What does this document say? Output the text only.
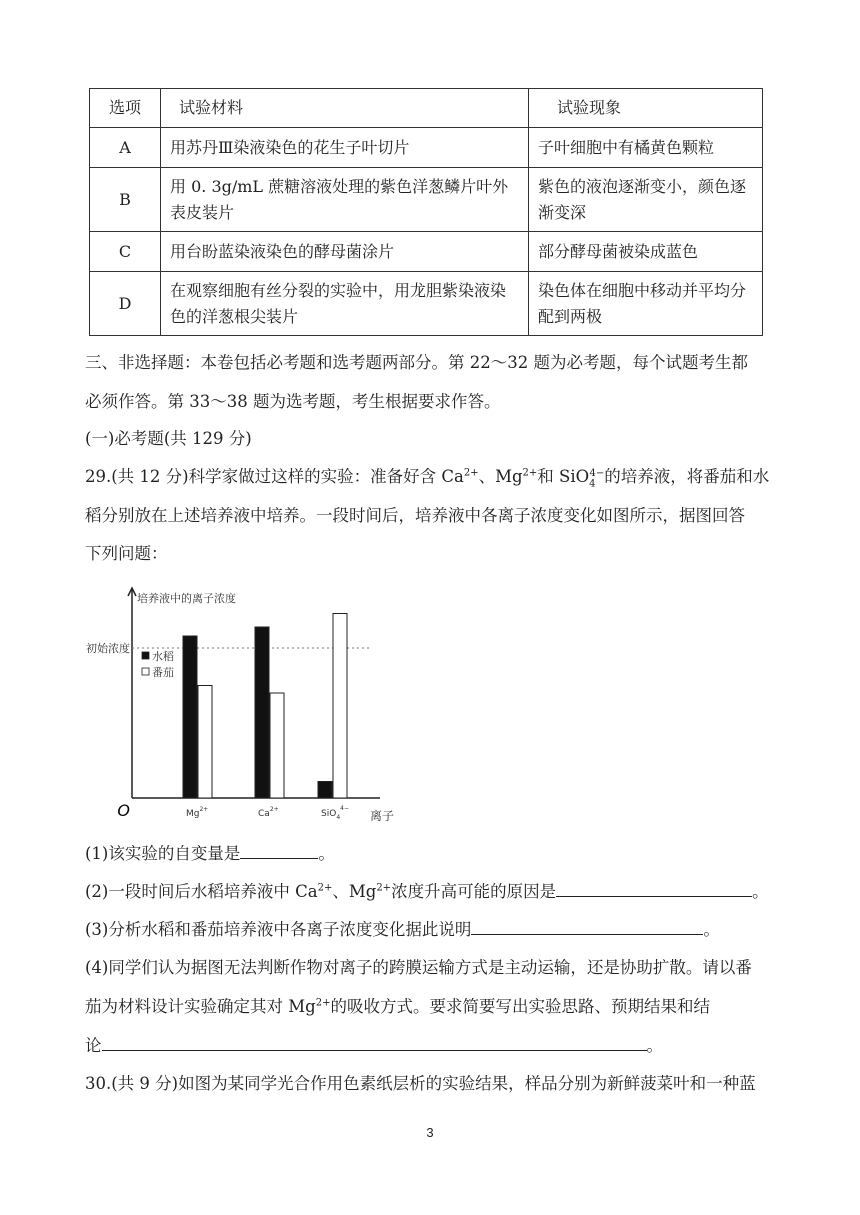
选项	试验材料	试验现象
A	用苏丹Ⅲ染液染色的花生子叶切片	子叶细胞中有橘黄色颗粒
B	用 0. 3g/mL 蔗糖溶液处理的紫色洋葱鳞片叶外表皮装片	紫色的液泡逐渐变小，颜色逐渐变深
C	用台盼蓝染液染色的酵母菌涂片	部分酵母菌被染成蓝色
D	在观察细胞有丝分裂的实验中，用龙胆紫染液染色的洋葱根尖装片	染色体在细胞中移动并平均分配到两极
三、非选择题：本卷包括必考题和选考题两部分。第 22～32 题为必考题，每个试题考生都
必须作答。第 33～38 题为选考题，考生根据要求作答。
(一)必考题(共 129 分)
29.(共 12 分)科学家做过这样的实验：准备好含 $Ca^{2+}$、$Mg^{2+}$和 SiO$_4^{4-}$的培养液，将番茄和水
稻分别放在上述培养液中培养。一段时间后，培养液中各离子浓度变化如图所示，据图回答
下列问题：
O
培养液中的离子浓度
离子
初始浓度
水稻
番茄
$Mg^{2+}$	$Ca^{2+}$	SiO$_4^{4-}$
(1)该实验的自变量是	。
(2)一段时间后水稻培养液中 $Ca^{2+}$、$Mg^{2+}$浓度升高可能的原因是	。
(3)分析水稻和番茄培养液中各离子浓度变化据此说明	。
(4)同学们认为据图无法判断作物对离子的跨膜运输方式是主动运输，还是协助扩散。请以番
茄为材料设计实验确定其对 $Mg^{2+}$的吸收方式。要求简要写出实验思路、预期结果和结
论	。
30.(共 9 分)如图为某同学光合作用色素纸层析的实验结果，样品分别为新鲜菠菜叶和一种蓝
3
